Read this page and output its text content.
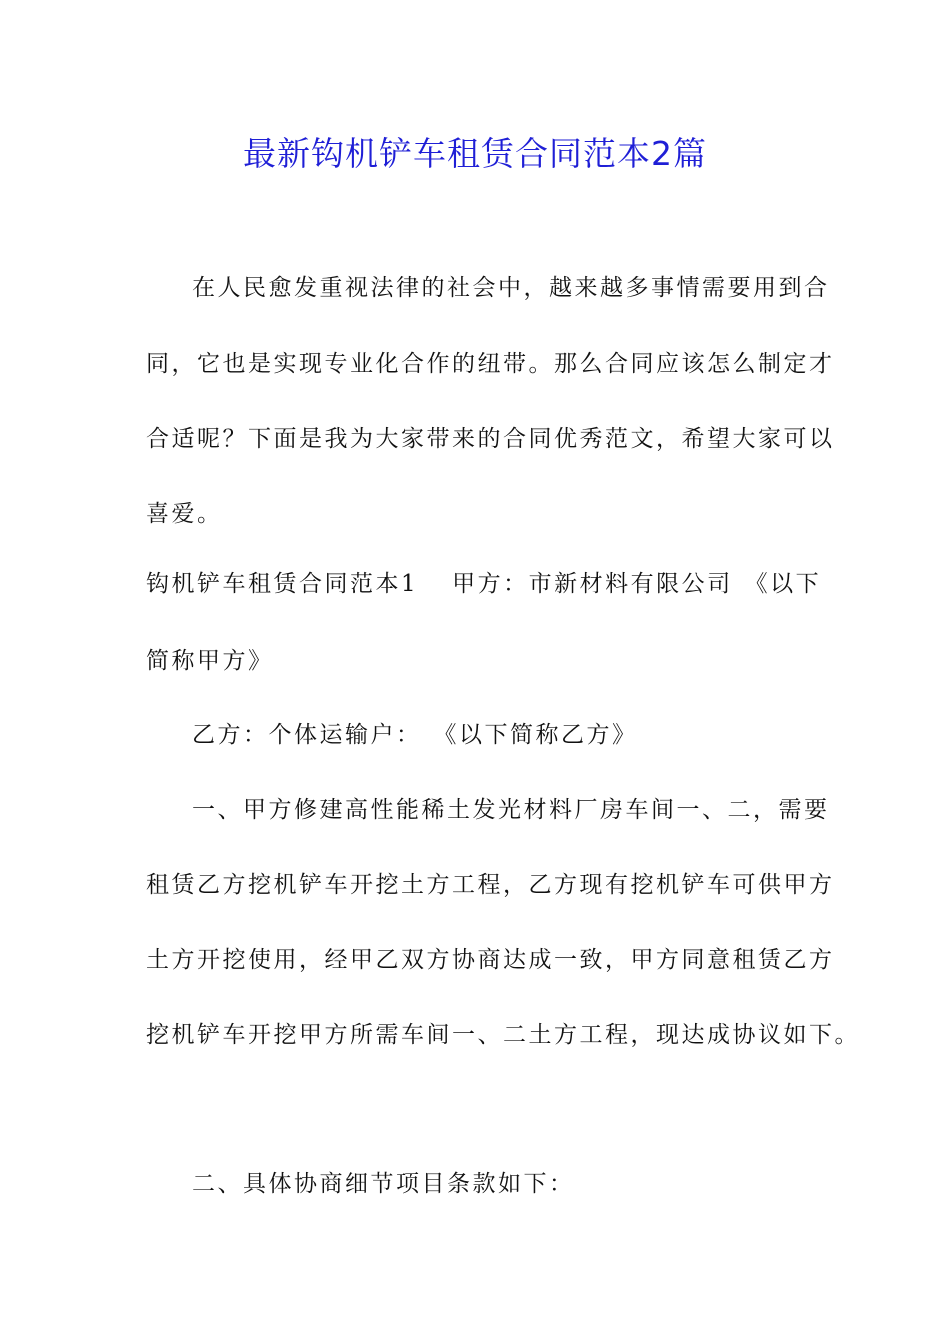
最新钩机铲车租赁合同范本2篇
在人民愈发重视法律的社会中，越来越多事情需要用到合
同，它也是实现专业化合作的纽带。那么合同应该怎么制定才
合适呢？下面是我为大家带来的合同优秀范文，希望大家可以
喜爱。
钩机铲车租赁合同范本1 甲方：市新材料有限公司 《以下
简称甲方》
乙方：个体运输户： 《以下简称乙方》
一、甲方修建高性能稀土发光材料厂房车间一、二，需要
租赁乙方挖机铲车开挖土方工程，乙方现有挖机铲车可供甲方
土方开挖使用，经甲乙双方协商达成一致，甲方同意租赁乙方
挖机铲车开挖甲方所需车间一、二土方工程，现达成协议如下。
二、具体协商细节项目条款如下：
